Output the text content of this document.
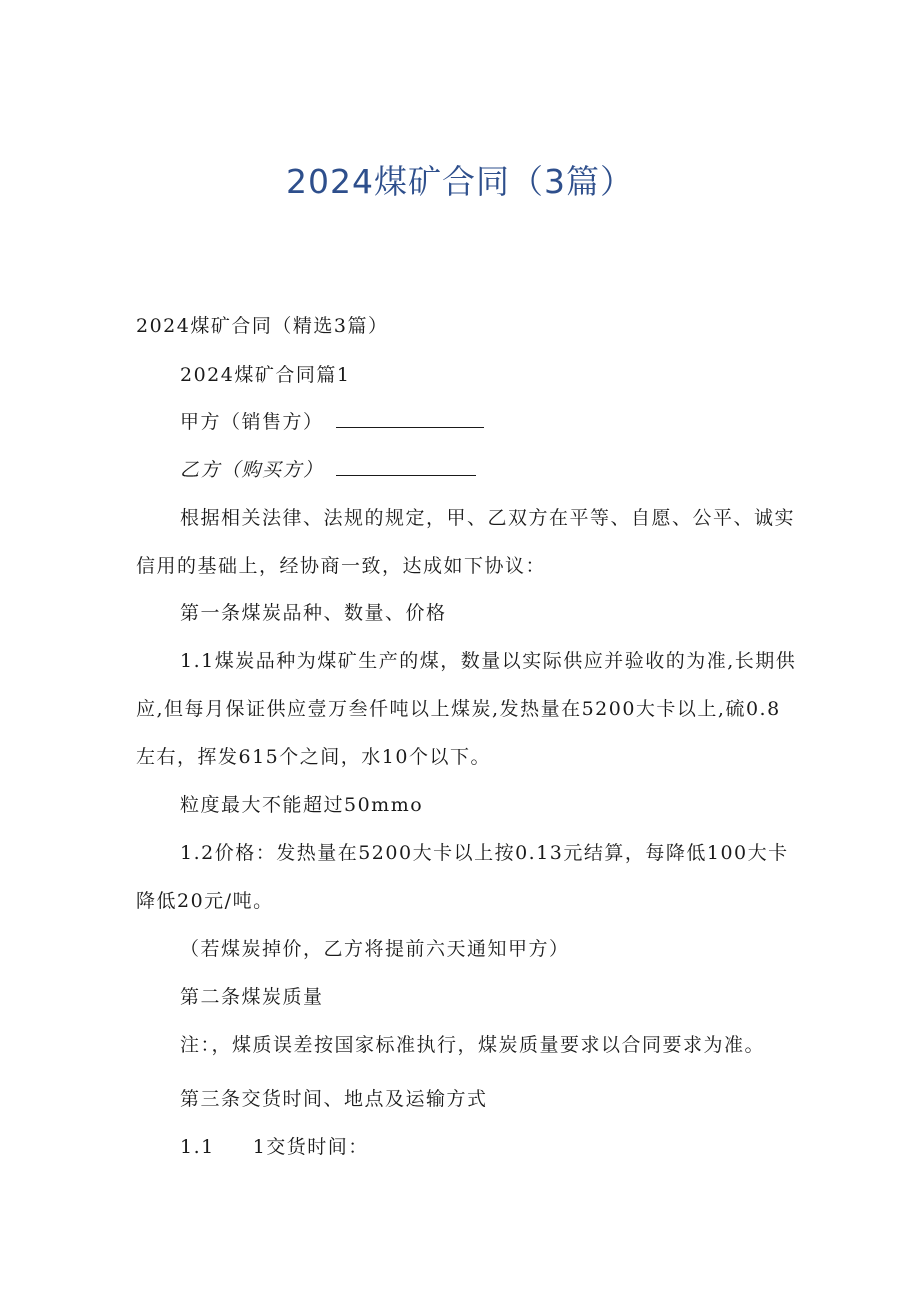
2024煤矿合同（3篇）
2024煤矿合同（精选3篇）
2024煤矿合同篇1
甲方（销售方）
乙方（购买方）
根据相关法律、法规的规定，甲、乙双方在平等、自愿、公平、诚实
信用的基础上，经协商一致，达成如下协议：
第一条煤炭品种、数量、价格
1.1煤炭品种为煤矿生产的煤，数量以实际供应并验收的为准,长期供
应,但每月保证供应壹万叁仟吨以上煤炭,发热量在5200大卡以上,硫0.8
左右，挥发615个之间，水10个以下。
粒度最大不能超过50mmo
1.2价格：发热量在5200大卡以上按0.13元结算，每降低100大卡
降低20元/吨。
（若煤炭掉价，乙方将提前六天通知甲方）
第二条煤炭质量
注：，煤质误差按国家标准执行，煤炭质量要求以合同要求为准。
第三条交货时间、地点及运输方式
1.1 1交货时间：
